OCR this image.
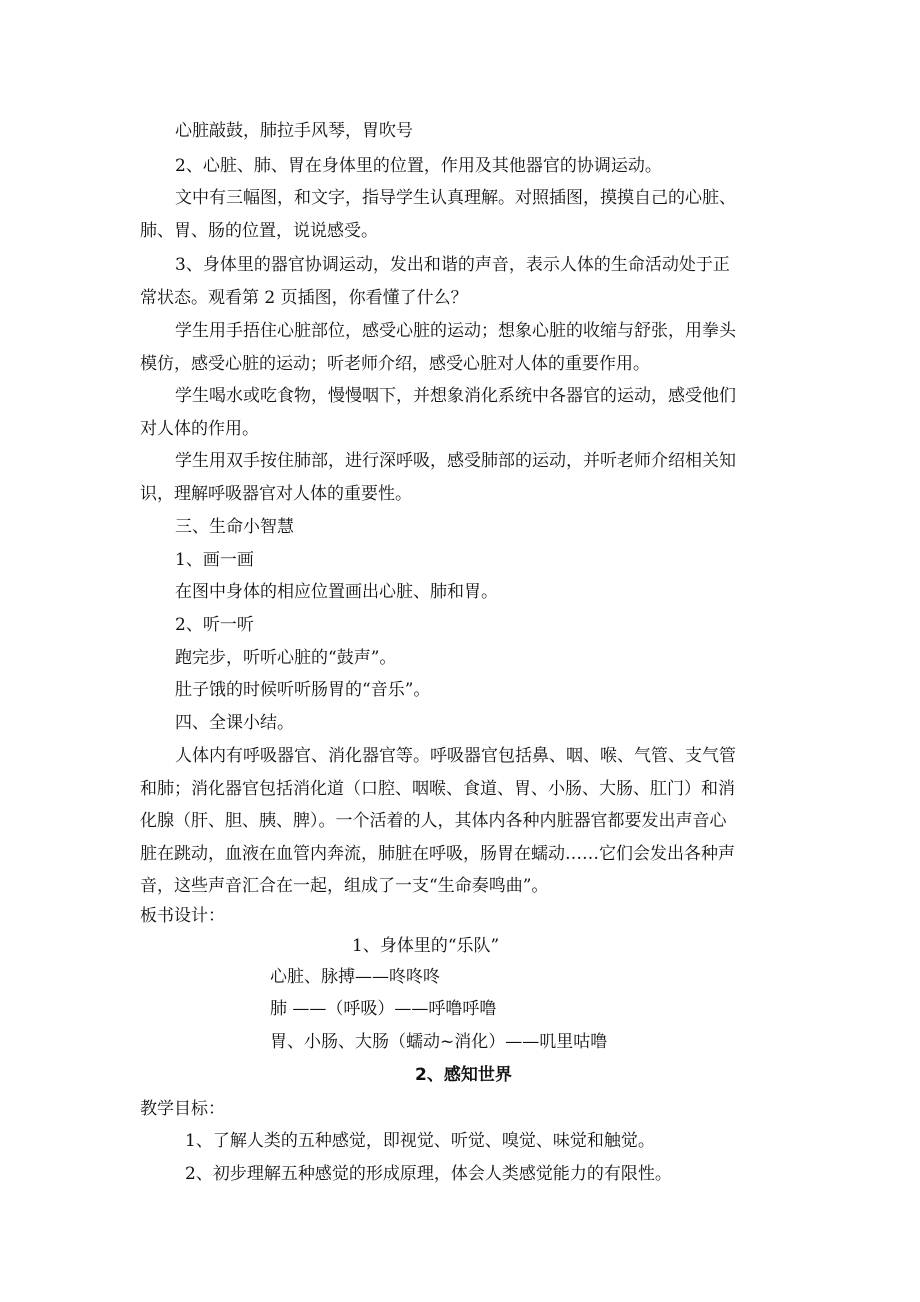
心脏敲鼓，肺拉手风琴，胃吹号
2、心脏、肺、胃在身体里的位置，作用及其他器官的协调运动。
文中有三幅图，和文字，指导学生认真理解。对照插图，摸摸自己的心脏、
肺、胃、肠的位置，说说感受。
3、身体里的器官协调运动，发出和谐的声音，表示人体的生命活动处于正
常状态。观看第 2 页插图，你看懂了什么？
学生用手捂住心脏部位，感受心脏的运动；想象心脏的收缩与舒张，用拳头
模仿，感受心脏的运动；听老师介绍，感受心脏对人体的重要作用。
学生喝水或吃食物，慢慢咽下，并想象消化系统中各器官的运动，感受他们
对人体的作用。
学生用双手按住肺部，进行深呼吸，感受肺部的运动，并听老师介绍相关知
识，理解呼吸器官对人体的重要性。
三、生命小智慧
1、画一画
在图中身体的相应位置画出心脏、肺和胃。
2、听一听
跑完步，听听心脏的“鼓声”。
肚子饿的时候听听肠胃的“音乐”。
四、全课小结。
人体内有呼吸器官、消化器官等。呼吸器官包括鼻、咽、喉、气管、支气管
和肺；消化器官包括消化道（口腔、咽喉、食道、胃、小肠、大肠、肛门）和消
化腺（肝、胆、胰、脾）。一个活着的人，其体内各种内脏器官都要发出声音心
脏在跳动，血液在血管内奔流，肺脏在呼吸，肠胃在蠕动……它们会发出各种声
音，这些声音汇合在一起，组成了一支“生命奏鸣曲”。
板书设计：
1、身体里的“乐队”
心脏、脉搏——咚咚咚
肺 ——（呼吸）——呼噜呼噜
胃、小肠、大肠（蠕动~消化）——叽里咕噜
2、感知世界
教学目标：
1、了解人类的五种感觉，即视觉、听觉、嗅觉、味觉和触觉。
2、初步理解五种感觉的形成原理，体会人类感觉能力的有限性。
